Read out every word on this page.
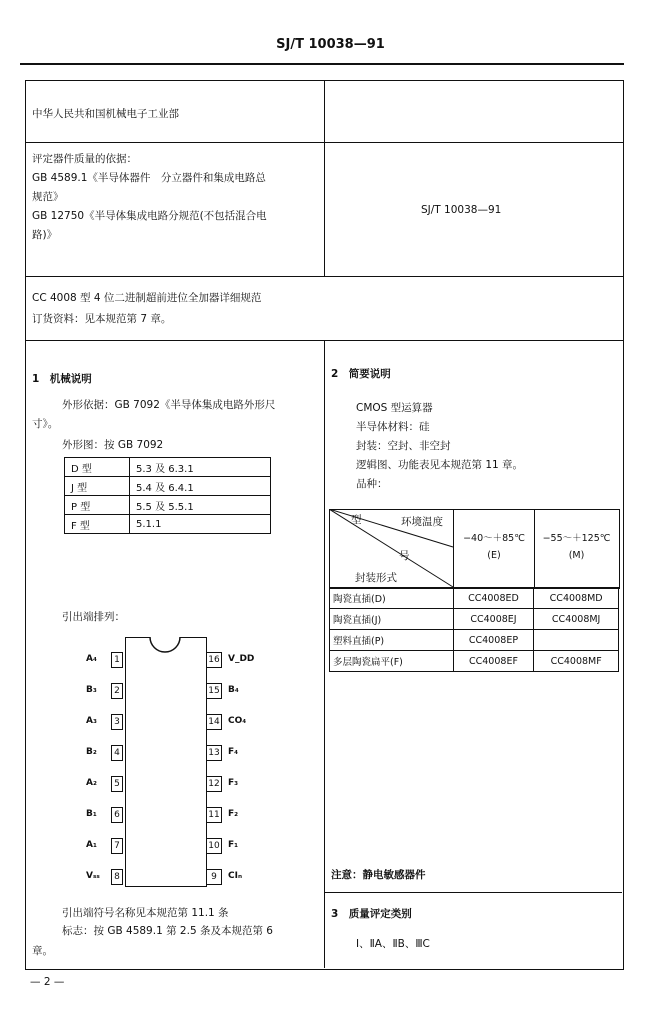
SJ/T 10038—91
中华人民共和国机械电子工业部
评定器件质量的依据：
GB 4589.1《半导体器件　分立器件和集成电路总
规范》
GB 12750《半导体集成电路分规范(不包括混合电
路)》
SJ/T 10038—91
CC 4008 型 4 位二进制超前进位全加器详细规范
订货资料：见本规范第 7 章。
1　机械说明
外形依据：GB 7092《半导体集成电路外形尺
寸》。
外形图：按 GB 7092
D 型	5.3 及 6.3.1
J 型	5.4 及 6.4.1
P 型	5.5 及 5.5.1
F 型	5.1.1
引出端排列：
1
A₄
2
B₃
3
A₃
4
B₂
5
A₂
6
B₁
7
A₁
8
Vₛₛ
16 V_DD
15 B₄
14 CO₄
13 F₄
12 F₃
11 F₂
10 F₁
9	CIₙ
引出端符号名称见本规范第 11.1 条
标志：按 GB 4589.1 第 2.5 条及本规范第 6
章。
2　简要说明
CMOS 型运算器
半导体材料：硅
封装：空封、非空封
逻辑图、功能表见本规范第 11 章。
品种：
型	环境温度
号
封装形式
−40～＋85℃
(E)
−55～＋125℃
(M)
陶瓷直插(D)	CC4008ED	CC4008MD
陶瓷直插(J)	CC4008EJ	CC4008MJ
塑料直插(P)	CC4008EP	
多层陶瓷扁平(F)	CC4008EF	CC4008MF
注意：静电敏感器件
3　质量评定类别
Ⅰ、ⅡA、ⅡB、ⅢC
— 2 —
